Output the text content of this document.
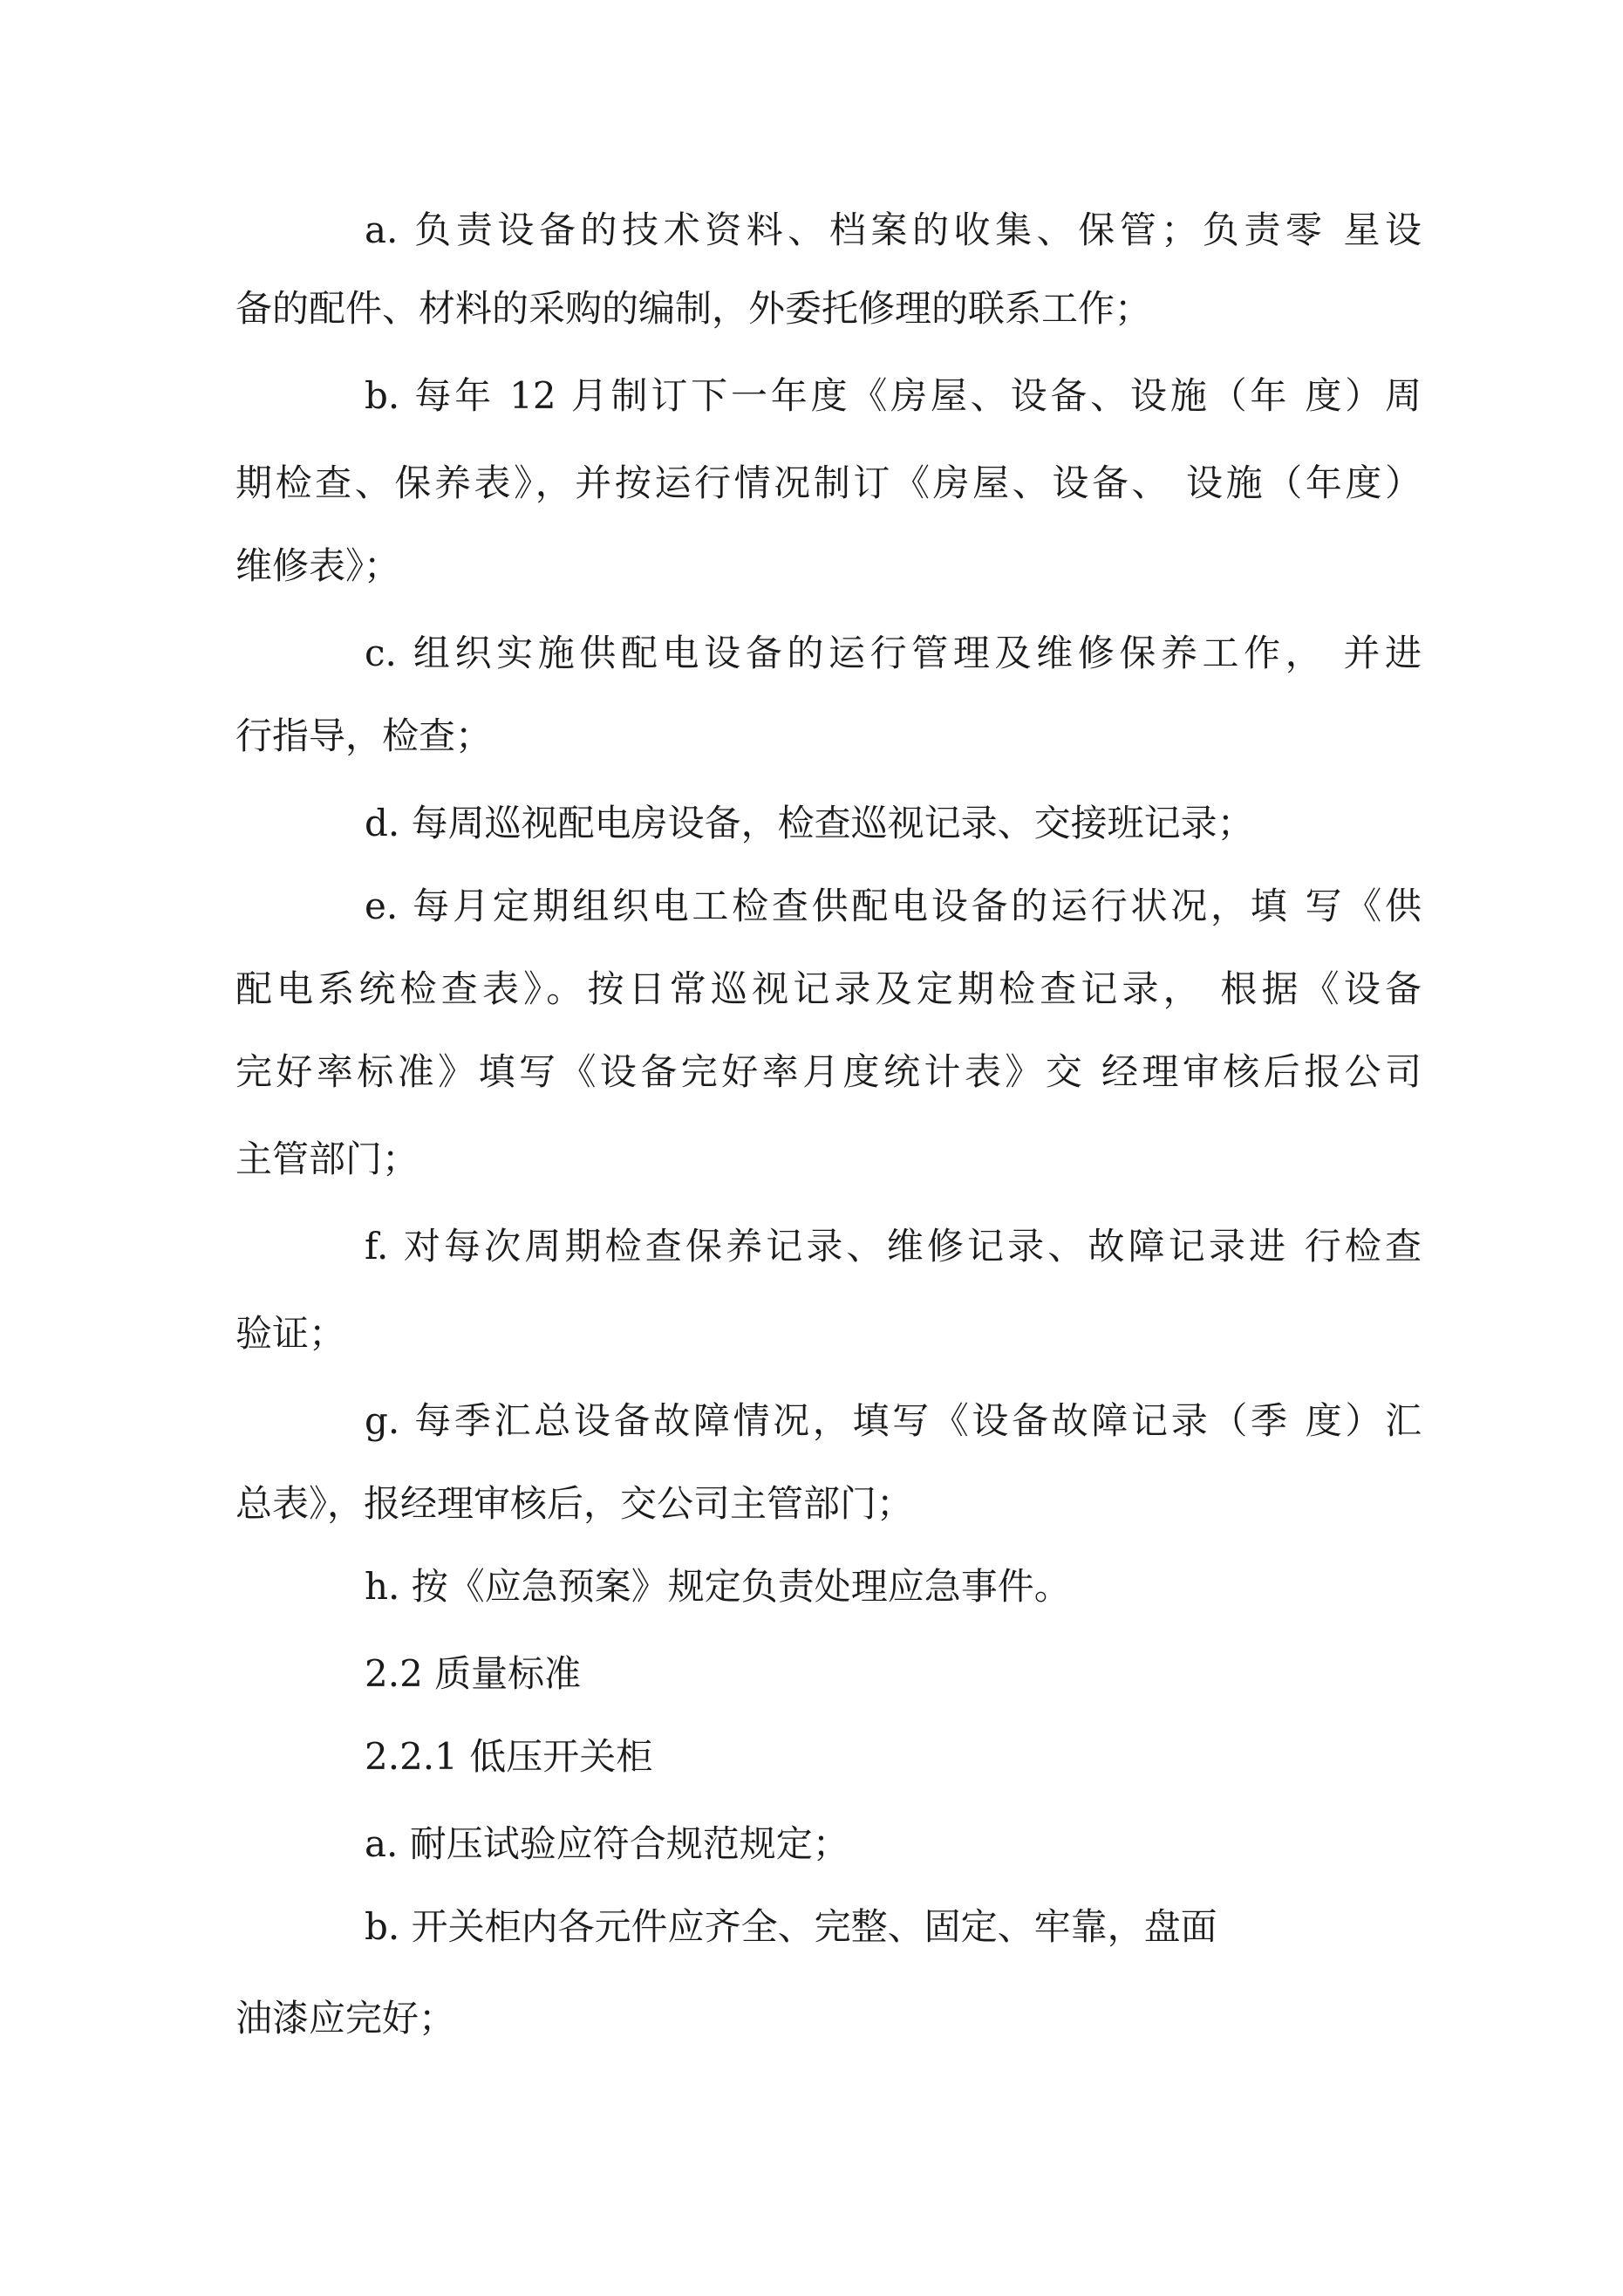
a. 负责设备的技术资料、档案的收集、保管；负责零 星设
备的配件、材料的采购的编制，外委托修理的联系工作；
b. 每年 12 月制订下一年度《房屋、设备、设施（年 度）周
期检查、保养表》，并按运行情况制订《房屋、设备、 设施（年度）
维修表》；
c. 组织实施供配电设备的运行管理及维修保养工作， 并进
行指导，检查；
d. 每周巡视配电房设备，检查巡视记录、交接班记录；
e. 每月定期组织电工检查供配电设备的运行状况，填 写《供
配电系统检查表》。按日常巡视记录及定期检查记录， 根据《设备
完好率标准》填写《设备完好率月度统计表》交 经理审核后报公司
主管部门；
f. 对每次周期检查保养记录、维修记录、故障记录进 行检查
验证；
g. 每季汇总设备故障情况，填写《设备故障记录（季 度）汇
总表》，报经理审核后，交公司主管部门；
h. 按《应急预案》规定负责处理应急事件。
2.2 质量标准
2.2.1 低压开关柜
a. 耐压试验应符合规范规定；
b. 开关柜内各元件应齐全、完整、固定、牢靠，盘面
油漆应完好；
